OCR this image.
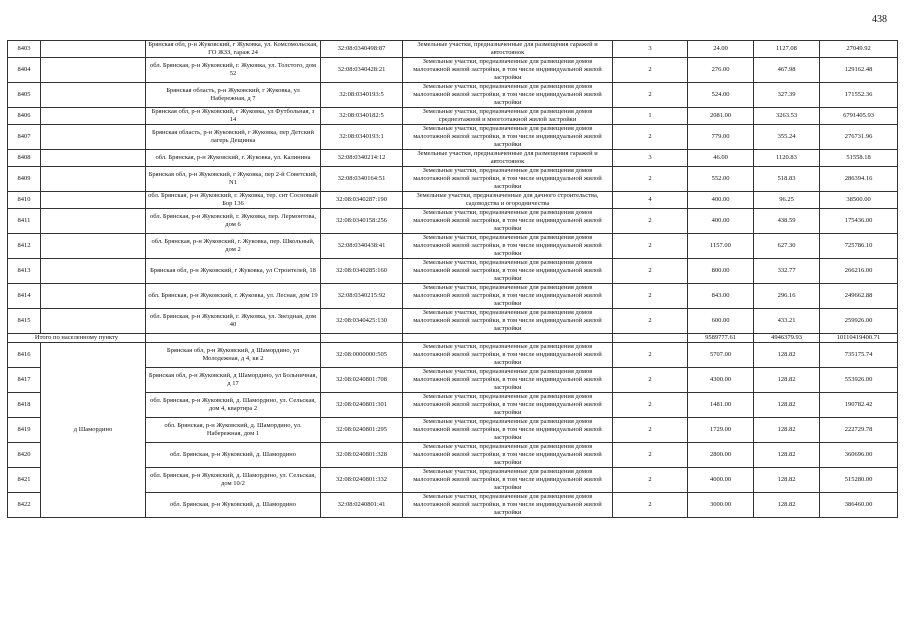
438
8403		Брянская обл, р-н Жуковский, г Жуковка, ул. Комсомольская, ГО ЖЗЗ, гараж 24	32:08:0340498:87	Земельные участки, предназначенные для размещения гаражей и автостоянок	3	24.00	1127.08	27049.92
8404		обл. Брянская, р-н Жуковский, г. Жуковка, ул. Толстого, дом 52	32:08:0340428:21	Земельные участки, предназначенные для размещения домов малоэтажной жилой застройки, в том числе индивидуальной жилой застройки	2	276.00	467.98	129162.48
8405		Брянская область, р-н Жуковский, г Жуковка, ул Набережная, д 7	32:08:0340193:5	Земельные участки, предназначенные для размещения домов малоэтажной жилой застройки, в том числе индивидуальной жилой застройки	2	524.00	327.39	171552.36
8406		Брянская обл, р-н Жуковский, г Жуковка, ул Футбольная, з 14	32:08:0340182:5	Земельные участки, предназначенные для размещения домов среднеэтажной и многоэтажной жилой застройки	1	2081.00	3263.53	6791405.93
8407		Брянская область, р-н Жуковский, г Жуковка, пер Детский лагерь Дещинка	32:08:0340193:1	Земельные участки, предназначенные для размещения домов малоэтажной жилой застройки, в том числе индивидуальной жилой застройки	2	779.00	355.24	276731.96
8408		обл. Брянская, р-н Жуковский, г. Жуковка, ул. Калинина	32:08:0340214:12	Земельные участки, предназначенные для размещения гаражей и автостоянок	3	46.00	1120.83	51558.18
8409		Брянская обл, р-н Жуковский, г Жуковка, пер 2-й Советский, N1	32:08:0340164:51	Земельные участки, предназначенные для размещения домов малоэтажной жилой застройки, в том числе индивидуальной жилой застройки	2	552.00	518.83	286394.16
8410		обл. Брянская, р-н Жуковский, г. Жуковка, тер. снт Сосновый Бор 136	32:08:0340287:190	Земельные участки, предназначенные для дачного строительства, садоводства и огородничества	4	400.00	96.25	38500.00
8411		обл. Брянская, р-н Жуковский, г. Жуковка, пер. Лермонтова, дом 6	32:08:0340158:256	Земельные участки, предназначенные для размещения домов малоэтажной жилой застройки, в том числе индивидуальной жилой застройки	2	400.00	438.59	175436.00
8412		обл. Брянская, р-н Жуковский, г. Жуковка, пер. Школьный, дом 2	32:08:0340438:41	Земельные участки, предназначенные для размещения домов малоэтажной жилой застройки, в том числе индивидуальной жилой застройки	2	1157.00	627.30	725786.10
8413		Брянская обл, р-н Жуковский, г Жуковка, ул Строителей, 18	32:08:0340285:160	Земельные участки, предназначенные для размещения домов малоэтажной жилой застройки, в том числе индивидуальной жилой застройки	2	800.00	332.77	266216.00
8414		обл. Брянская, р-н Жуковский, г. Жуковка, ул. Лесная, дом 19	32:08:0340215:92	Земельные участки, предназначенные для размещения домов малоэтажной жилой застройки, в том числе индивидуальной жилой застройки	2	843.00	296.16	249662.88
8415		обл. Брянская, р-н Жуковский, г. Жуковка, ул. Звездная, дом 40	32:08:0340425:130	Земельные участки, предназначенные для размещения домов малоэтажной жилой застройки, в том числе индивидуальной жилой застройки	2	600.00	433.21	259926.00
Итого по населенному пункту						9589777.61	4946379.93	10110419400.71
8416	д Шамордино	Брянская обл, р-н Жуковский, д Шамордино, ул Молодежная, д 4, кв 2	32:08:0000000:505	Земельные участки, предназначенные для размещения домов малоэтажной жилой застройки, в том числе индивидуальной жилой застройки	2	5707.00	128.82	735175.74
8417		Брянская обл, р-н Жуковский, д Шамордино, ул Больничная, д 17	32:08:0240801:708	Земельные участки, предназначенные для размещения домов малоэтажной жилой застройки, в том числе индивидуальной жилой застройки	2	4300.00	128.82	553926.00
8418		обл. Брянская, р-н Жуковский, д. Шамордино, ул. Сельская, дом 4, квартира 2	32:08:0240801:301	Земельные участки, предназначенные для размещения домов малоэтажной жилой застройки, в том числе индивидуальной жилой застройки	2	1481.00	128.82	190782.42
8419		обл. Брянская, р-н Жуковский, д. Шамордино, ул. Набережная, дом 1	32:08:0240801:295	Земельные участки, предназначенные для размещения домов малоэтажной жилой застройки, в том числе индивидуальной жилой застройки	2	1729.00	128.82	222729.78
8420		обл. Брянская, р-н Жуковский, д. Шамордино	32:08:0240801:328	Земельные участки, предназначенные для размещения домов малоэтажной жилой застройки, в том числе индивидуальной жилой застройки	2	2800.00	128.82	360696.00
8421		обл. Брянская, р-н Жуковский, д. Шамордино, ул. Сельская, дом 10/2	32:08:0240801:332	Земельные участки, предназначенные для размещения домов малоэтажной жилой застройки, в том числе индивидуальной жилой застройки	2	4000.00	128.82	515280.00
8422		обл. Брянская, р-н Жуковский, д. Шамордино	32:08:0240801:41	Земельные участки, предназначенные для размещения домов малоэтажной жилой застройки, в том числе индивидуальной жилой застройки	2	3000.00	128.82	386460.00
